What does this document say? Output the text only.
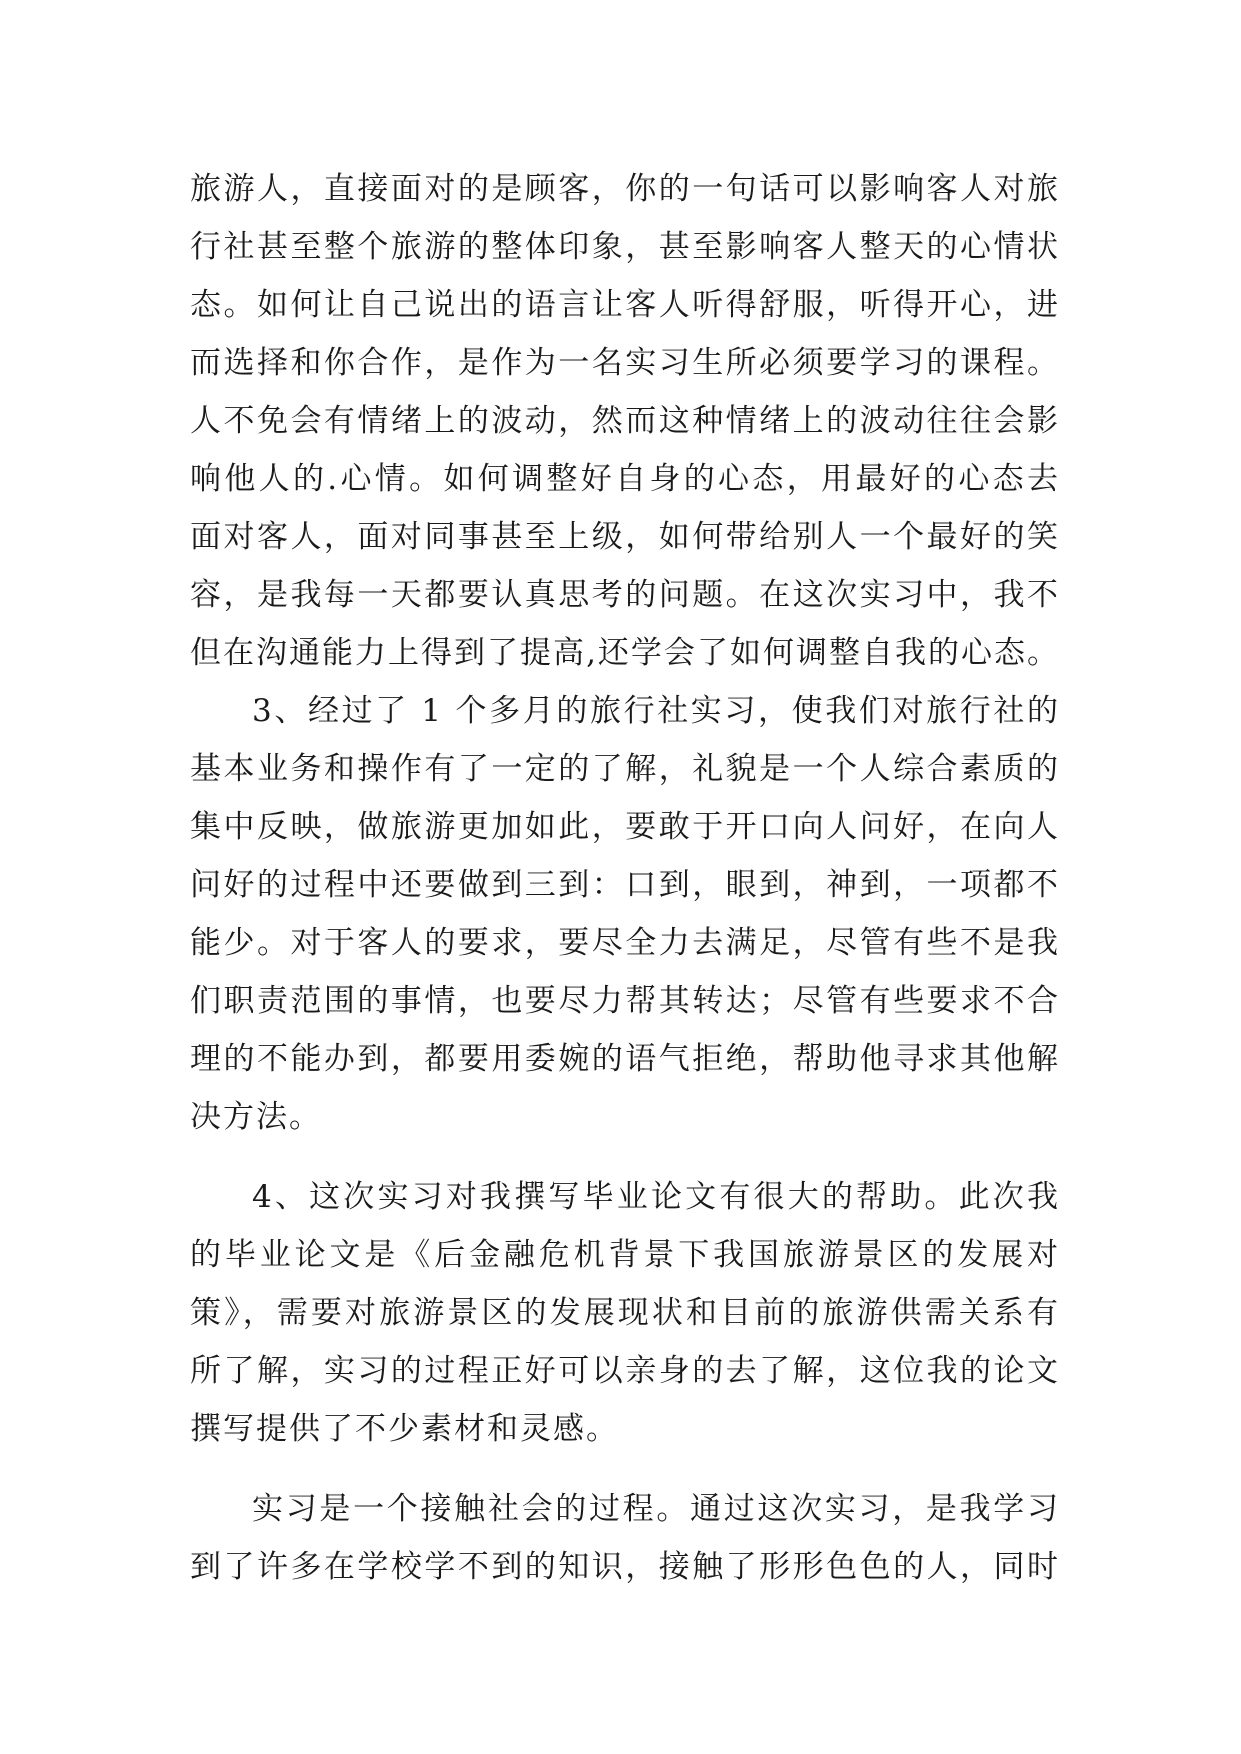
旅游人，直接面对的是顾客，你的一句话可以影响客人对旅
行社甚至整个旅游的整体印象，甚至影响客人整天的心情状
态。如何让自己说出的语言让客人听得舒服，听得开心，进
而选择和你合作，是作为一名实习生所必须要学习的课程。
人不免会有情绪上的波动，然而这种情绪上的波动往往会影
响他人的.心情。如何调整好自身的心态，用最好的心态去
面对客人，面对同事甚至上级，如何带给别人一个最好的笑
容，是我每一天都要认真思考的问题。在这次实习中，我不
但在沟通能力上得到了提高,还学会了如何调整自我的心态。
3、经过了 1 个多月的旅行社实习，使我们对旅行社的
基本业务和操作有了一定的了解，礼貌是一个人综合素质的
集中反映，做旅游更加如此，要敢于开口向人问好，在向人
问好的过程中还要做到三到：口到，眼到，神到，一项都不
能少。对于客人的要求，要尽全力去满足，尽管有些不是我
们职责范围的事情，也要尽力帮其转达；尽管有些要求不合
理的不能办到，都要用委婉的语气拒绝，帮助他寻求其他解
决方法。
4、这次实习对我撰写毕业论文有很大的帮助。此次我
的毕业论文是《后金融危机背景下我国旅游景区的发展对
策》，需要对旅游景区的发展现状和目前的旅游供需关系有
所了解，实习的过程正好可以亲身的去了解，这位我的论文
撰写提供了不少素材和灵感。
实习是一个接触社会的过程。通过这次实习，是我学习
到了许多在学校学不到的知识，接触了形形色色的人，同时
